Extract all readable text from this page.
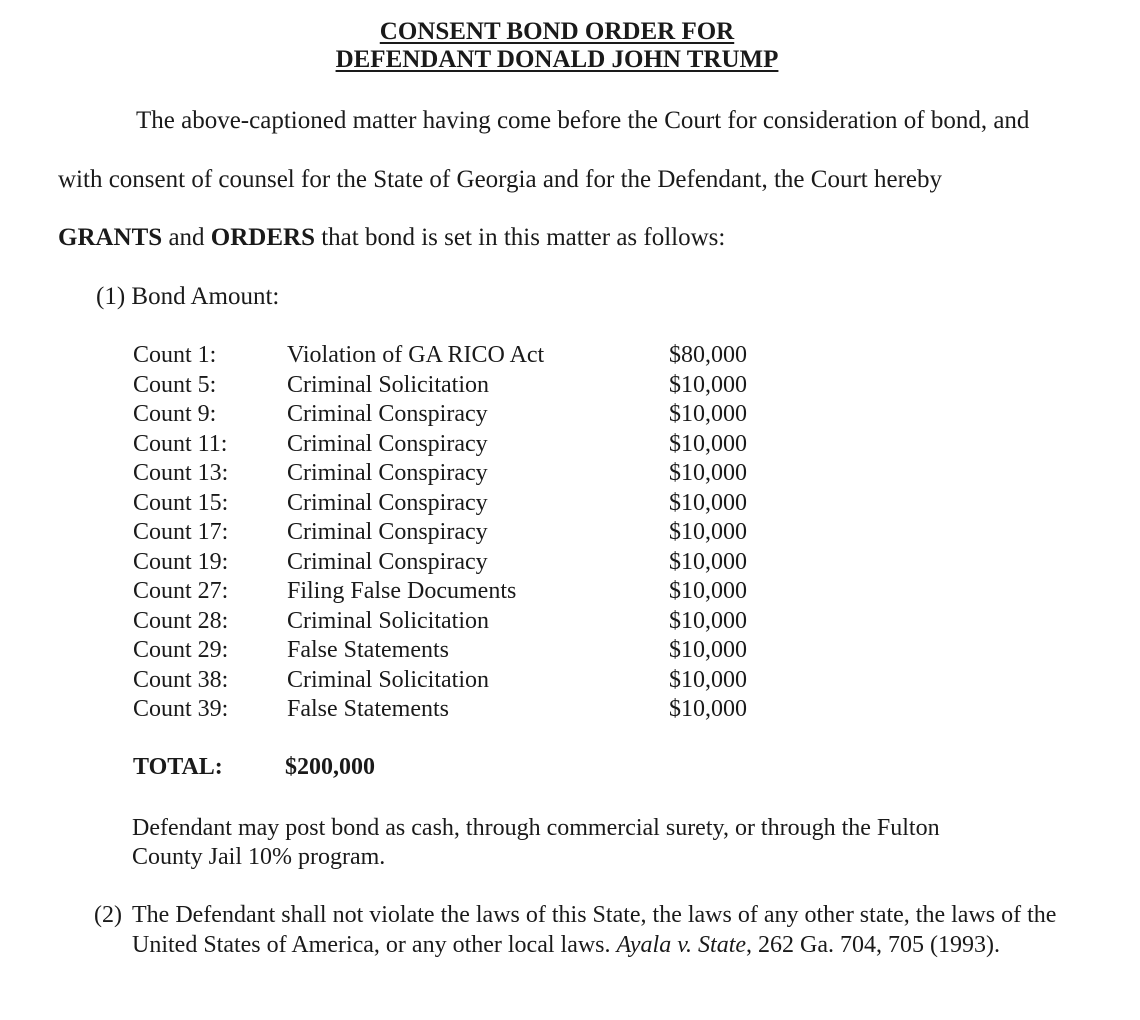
CONSENT BOND ORDER FOR
DEFENDANT DONALD JOHN TRUMP
The above-captioned matter having come before the Court for consideration of bond, and
with consent of counsel for the State of Georgia and for the Defendant, the Court hereby
GRANTS and ORDERS that bond is set in this matter as follows:
(1) Bond Amount:
Count 1:	Violation of GA RICO Act	$80,000
Count 5:	Criminal Solicitation	$10,000
Count 9:	Criminal Conspiracy	$10,000
Count 11: Criminal Conspiracy	$10,000
Count 13: Criminal Conspiracy	$10,000
Count 15: Criminal Conspiracy	$10,000
Count 17: Criminal Conspiracy	$10,000
Count 19: Criminal Conspiracy	$10,000
Count 27: Filing False Documents	$10,000
Count 28: Criminal Solicitation	$10,000
Count 29: False Statements	$10,000
Count 38: Criminal Solicitation	$10,000
Count 39: False Statements	$10,000
TOTAL:	$200,000
Defendant may post bond as cash, through commercial surety, or through the Fulton
County Jail 10% program.
(2) The Defendant shall not violate the laws of this State, the laws of any other state, the laws of the United States of America, or any other local laws. Ayala v. State, 262 Ga. 704, 705 (1993).
